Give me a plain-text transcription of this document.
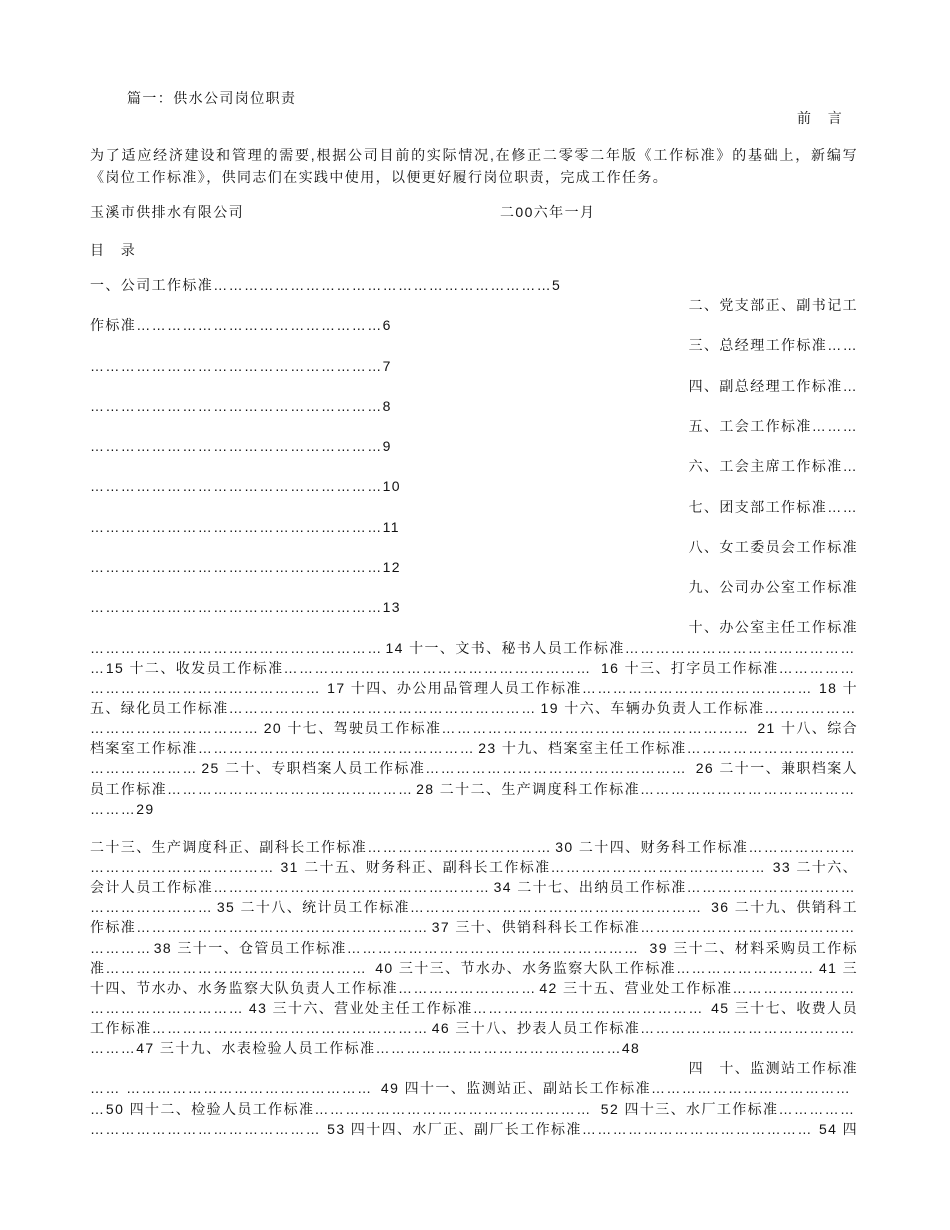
篇一：供水公司岗位职责
前　言

为了适应经济建设和管理的需要,根据公司目前的实际情况,在修正二零零二年版《工作标准》的基础上，新编写《岗位工作标准》，供同志们在实践中使用，以便更好履行岗位职责，完成工作任务。

玉溪市供排水有限公司	二00六年一月
目　录
一、公司工作标准 ………………………………………………………… 5
二、党支部正、副书记工
作标准 ………………………………………… 6
三、总经理工作标准……
………………………………………………… 7
四、副总经理工作标准…
………………………………………………… 8
五、工会工作标准………
………………………………………………… 9
六、工会主席工作标准…
………………………………………………… 10
七、团支部工作标准……
………………………………………………… 11
八、女工委员会工作标准
………………………………………………… 12
九、公司办公室工作标准
………………………………………………… 13
十、办公室主任工作标准
………………………………………………… 14 十一、文书、秘书人员工作标准 ………………………………………
… 15 十二、收发员工作标准 …………………………………………………… 16 十三、打字员工作标准 ……………
……………………………………… 17 十四、办公用品管理人员工作标准 ……………………………………… 18 十
五、绿化员工作标准 …………………………………………………… 19 十六、车辆办负责人工作标准 ………………
…………………………… 20 十七、驾驶员工作标准 …………………………………………………… 21 十八、综合
档案室工作标准 ……………………………………………… 23 十九、档案室主任工作标准 ……………………………
………………… 25 二十、专职档案人员工作标准 …………………………………………… 26 二十一、兼职档案人
员工作标准 ………………………………………… 28 二十二、生产调度科工作标准 ……………………………………
……… 29
二十三、生产调度科正、副科长工作标准 ……………………………… 30 二十四、财务科工作标准 …………………
……………………………… 31 二十五、财务科正、副科长工作标准 …………………………………… 33 二十六、
会计人员工作标准 ……………………………………………… 34 二十七、出纳员工作标准 ……………………………
…………………… 35 二十八、统计员工作标准 ………………………………………………… 36 二十九、供销科工
作标准 ………………………………………………… 37 三十、供销科科长工作标准 ……………………………………
………… 38 三十一、仓管员工作标准 ………………………………………………… 39 三十二、材料采购员工作标
准 …………………………………………… 40 三十三、节水办、水务监察大队工作标准 ……………………… 41 三
十四、节水办、水务监察大队负责人工作标准 ……………………… 42 三十五、营业处工作标准 ……………………
………………………… 43 三十六、营业处主任工作标准 ……………………………………… 45 三十七、收费人员
工作标准 ……………………………………………… 46 三十八、抄表人员工作标准 ……………………………………
……… 47 三十九、水表检验人员工作标准 ………………………………………… 48
四　十、监测站工作标准
…… ………………………………………… 49 四十一、监测站正、副站长工作标准 …………………………………
… 50 四十二、检验人员工作标准 ……………………………………………… 52 四十三、水厂工作标准 ……………
……………………………………… 53 四十四、水厂正、副厂长工作标准 ……………………………………… 54 四
